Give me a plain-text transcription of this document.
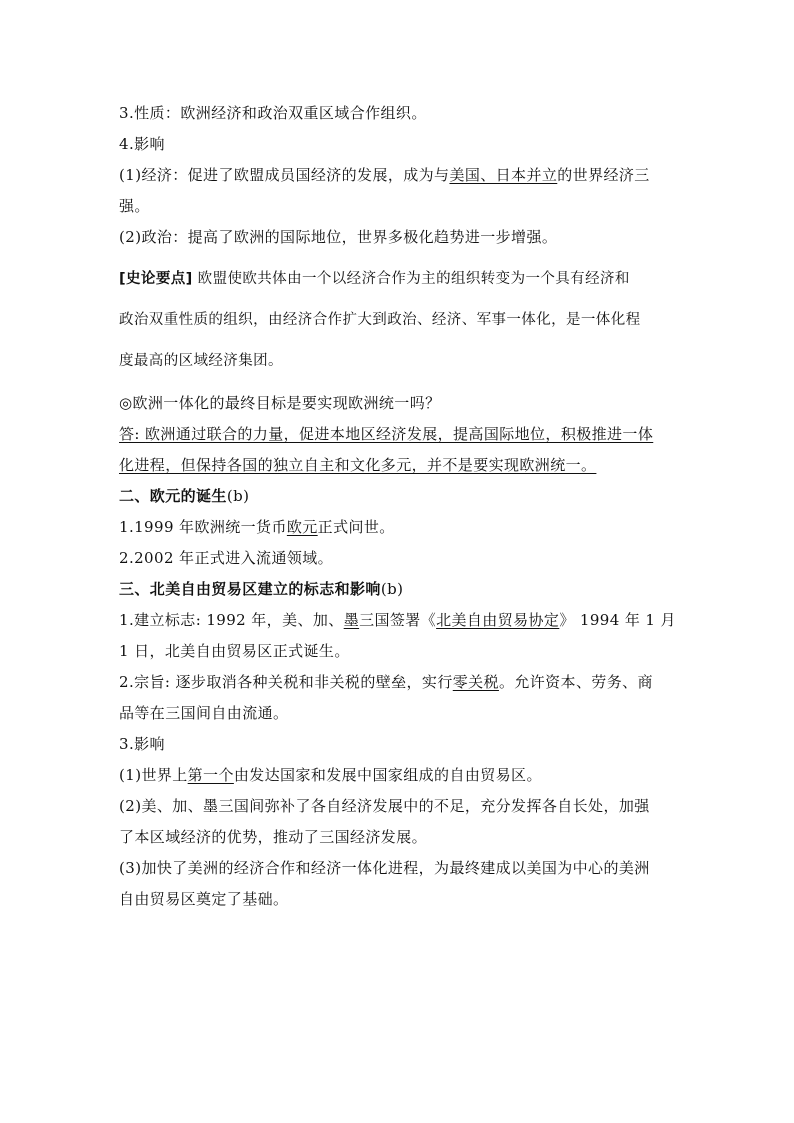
3.性质：欧洲经济和政治双重区域合作组织。
4.影响
(1)经济：促进了欧盟成员国经济的发展，成为与美国、日本并立的世界经济三
强。
(2)政治：提高了欧洲的国际地位，世界多极化趋势进一步增强。
[史论要点] 欧盟使欧共体由一个以经济合作为主的组织转变为一个具有经济和
政治双重性质的组织，由经济合作扩大到政治、经济、军事一体化，是一体化程
度最高的区域经济集团。
◎欧洲一体化的最终目标是要实现欧洲统一吗？
答: 欧洲通过联合的力量，促进本地区经济发展，提高国际地位，积极推进一体
化进程，但保持各国的独立自主和文化多元，并不是要实现欧洲统一。
二、欧元的诞生(b)
1.1999 年欧洲统一货币欧元正式问世。
2.2002 年正式进入流通领域。
三、北美自由贸易区建立的标志和影响(b)
1.建立标志: 1992 年，美、加、墨三国签署《北美自由贸易协定》 1994 年 1 月
1 日，北美自由贸易区正式诞生。
2.宗旨: 逐步取消各种关税和非关税的壁垒，实行零关税。允许资本、劳务、商
品等在三国间自由流通。
3.影响
(1)世界上第一个由发达国家和发展中国家组成的自由贸易区。
(2)美、加、墨三国间弥补了各自经济发展中的不足，充分发挥各自长处，加强
了本区域经济的优势，推动了三国经济发展。
(3)加快了美洲的经济合作和经济一体化进程，为最终建成以美国为中心的美洲
自由贸易区奠定了基础。
